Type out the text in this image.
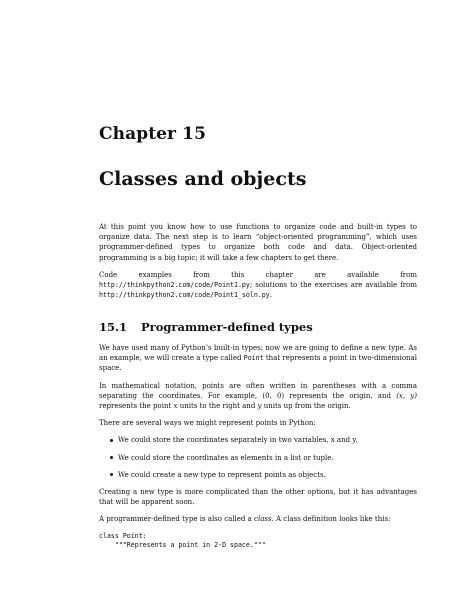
Chapter 15
Classes and objects

At this point you know how to use functions to organize code and built-in types to organize data. The next step is to learn “object-oriented programming”, which uses programmer-defined types to organize both code and data. Object-oriented programming is a big topic; it will take a few chapters to get there.

Code examples from this chapter are available from http://thinkpython2.com/code/Point1.py; solutions to the exercises are available from http://thinkpython2.com/code/Point1_soln.py.

15.1 Programmer-defined types

We have used many of Python’s built-in types; now we are going to define a new type. As an example, we will create a type called Point that represents a point in two-dimensional space.

In mathematical notation, points are often written in parentheses with a comma separating the coordinates. For example, (0, 0) represents the origin, and (x, y) represents the point x units to the right and y units up from the origin.

There are several ways we might represent points in Python:

We could store the coordinates separately in two variables, x and y.
We could store the coordinates as elements in a list or tuple.
We could create a new type to represent points as objects.

Creating a new type is more complicated than the other options, but it has advantages that will be apparent soon.

A programmer-defined type is also called a class. A class definition looks like this:

class Point:
"""Represents a point in 2-D space."""
